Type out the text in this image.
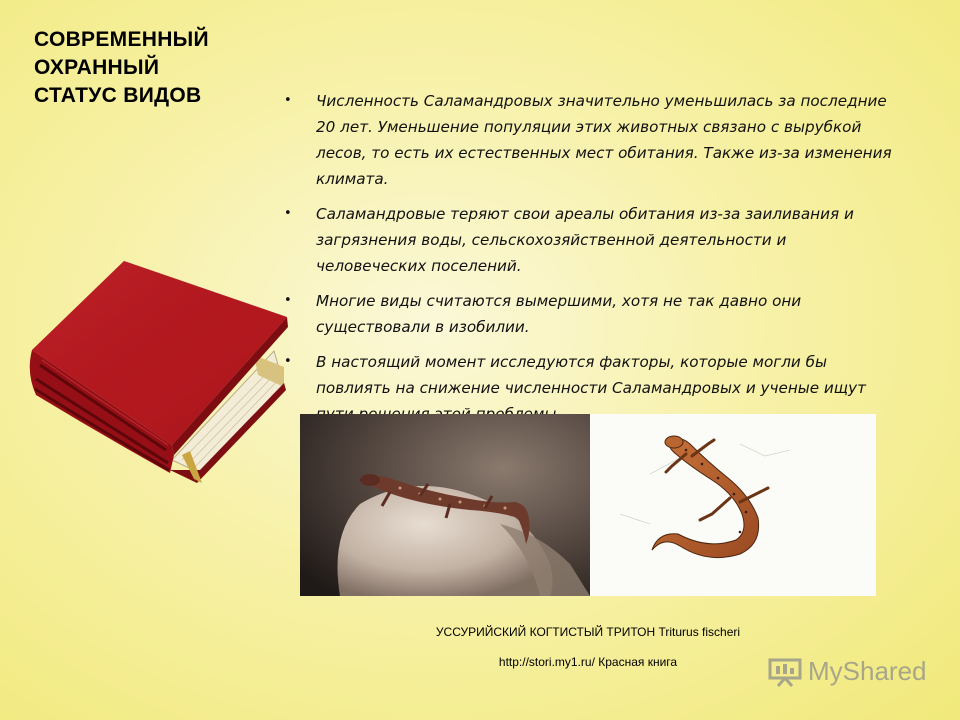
СОВРЕМЕННЫЙ
ОХРАННЫЙ
СТАТУС ВИДОВ	• Численность Саламандровых значительно уменьшилась за последние 20 лет. Уменьшение популяции этих животных связано с вырубкой лесов, то есть их естественных мест обитания. Также из-за изменения климата.
• Саламандровые теряют свои ареалы обитания из-за заиливания и загрязнения воды, сельскохозяйственной деятельности и человеческих поселений.
• Многие виды считаются вымершими, хотя не так давно они существовали в изобилии.
• В настоящий момент исследуются факторы, которые могли бы повлиять на снижение численности Саламандровых и ученые ищут
УССУРИЙСКИЙ КОГТИСТЫЙ ТРИТОН Triturus fischeri
http://stori.my1.ru/ Красная книга	MyShared
